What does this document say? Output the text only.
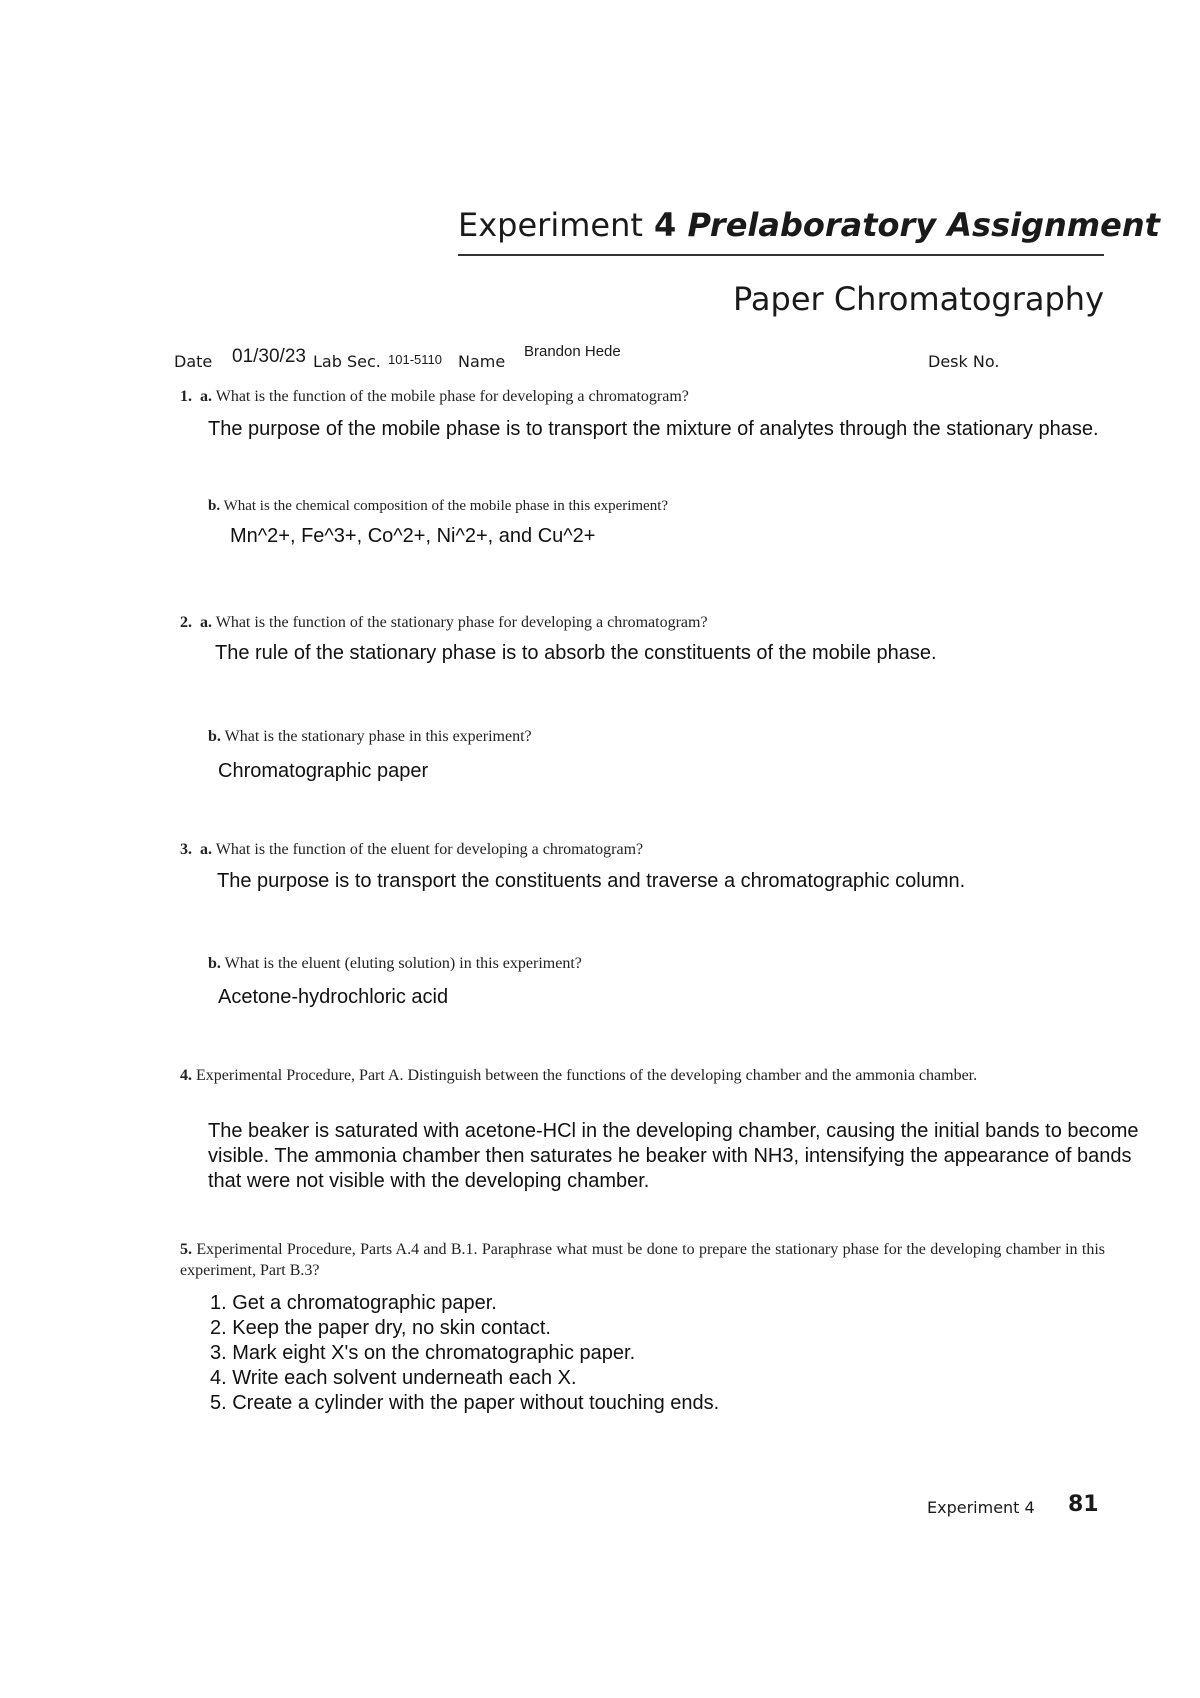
Experiment 4 Prelaboratory Assignment
Paper Chromatography
Date 01/30/23 Lab Sec. 101-5110 Name
Brandon Hede
Desk No.
1. a. What is the function of the mobile phase for developing a chromatogram?
The purpose of the mobile phase is to transport the mixture of analytes through the stationary phase.
b. What is the chemical composition of the mobile phase in this experiment?
Mn^2+, Fe^3+, Co^2+, Ni^2+, and Cu^2+
2. a. What is the function of the stationary phase for developing a chromatogram?
The rule of the stationary phase is to absorb the constituents of the mobile phase.
b. What is the stationary phase in this experiment?
Chromatographic paper
3. a. What is the function of the eluent for developing a chromatogram?
The purpose is to transport the constituents and traverse a chromatographic column.
b. What is the eluent (eluting solution) in this experiment?
Acetone-hydrochloric acid
4. Experimental Procedure, Part A. Distinguish between the functions of the developing chamber and the ammonia chamber.
The beaker is saturated with acetone-HCl in the developing chamber, causing the initial bands to become visible. The ammonia chamber then saturates he beaker with NH3, intensifying the appearance of bands that were not visible with the developing chamber.
5. Experimental Procedure, Parts A.4 and B.1. Paraphrase what must be done to prepare the stationary phase for the developing chamber in this experiment, Part B.3?
1. Get a chromatographic paper.
2. Keep the paper dry, no skin contact.
3. Mark eight X's on the chromatographic paper.
4. Write each solvent underneath each X.
5. Create a cylinder with the paper without touching ends.
Experiment 4 81
